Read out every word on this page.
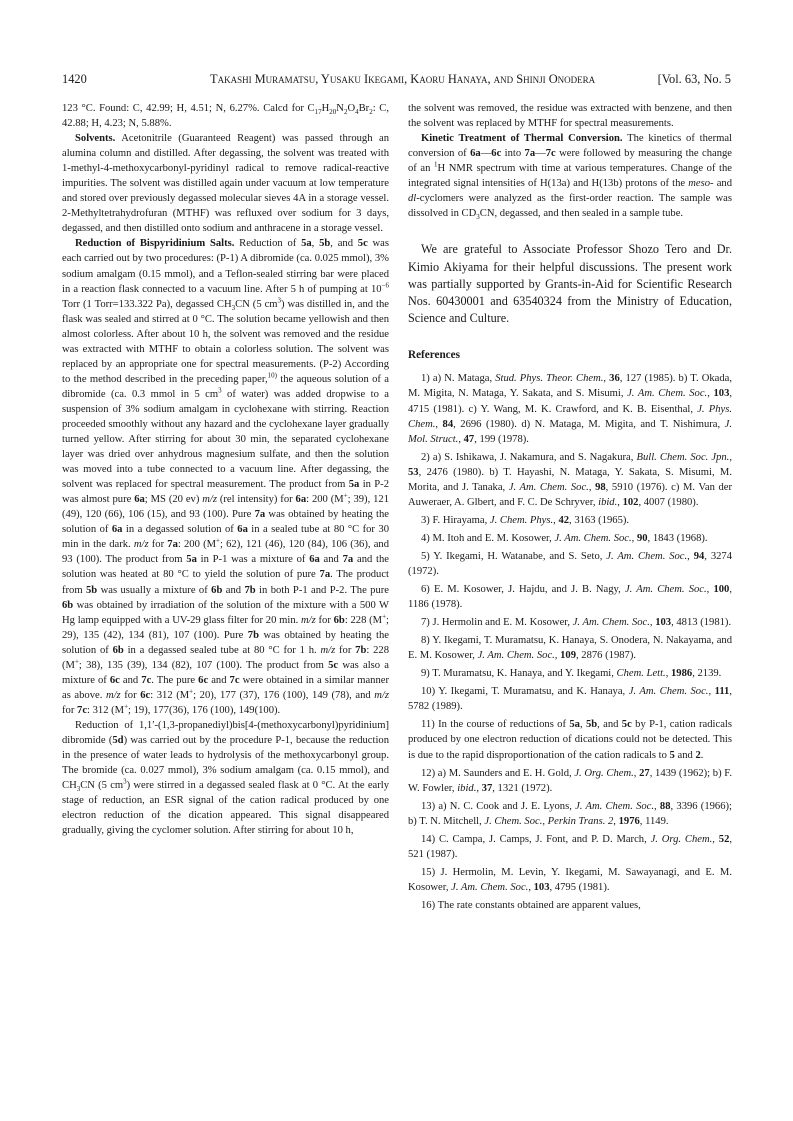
1420	Takashi Muramatsu, Yusaku Ikegami, Kaoru Hanaya, and Shinji Onodera	[Vol. 63, No. 5

123 °C. Found: C, 42.99; H, 4.51; N, 6.27%. Calcd for $C_{17}H_{20}N_2O_4Br_2$: C, 42.88; H, 4.23; N, 5.88%.

Solvents. Acetonitrile (Guaranteed Reagent) was passed through an alumina column and distilled. After degassing, the solvent was treated with 1-methyl-4-methoxycarbonyl-pyridinyl radical to remove radical-reactive impurities. The solvent was distilled again under vacuum at low temperature and stored over previously degassed molecular sieves 4A in a storage vessel. 2-Methyltetrahydrofuran (MTHF) was refluxed over sodium for 3 days, degassed, and then distilled onto sodium and anthracene in a storage vessel.

Reduction of Bispyridinium Salts. Reduction of 5a, 5b, and 5c was each carried out by two procedures: (P-1) A dibromide (ca. 0.025 mmol), 3% sodium amalgam (0.15 mmol), and a Teflon-sealed stirring bar were placed in a reaction flask connected to a vacuum line. After 5 h of pumping at $10^{-6}$ Torr (1 Torr=133.322 Pa), degassed $CH_3CN$ (5 $cm^3$) was distilled in, and the flask was sealed and stirred at 0 °C. The solution became yellowish and then almost colorless. After about 10 h, the solvent was removed and the residue was extracted with MTHF to obtain a colorless solution. The solvent was replaced by an appropriate one for spectral measurements. (P-2) According to the method described in the preceding paper,$^{10)}$ the aqueous solution of a dibromide (ca. 0.3 mmol in 5 $cm^3$ of water) was added dropwise to a suspension of 3% sodium amalgam in cyclohexane with stirring. Reaction proceeded smoothly without any hazard and the cyclohexane layer gradually turned yellow. After stirring for about 30 min, the separated cyclohexane layer was dried over anhydrous magnesium sulfate, and then the solution was moved into a tube connected to a vacuum line. After degassing, the solvent was replaced for spectral measurement. The product from 5a in P-2 was almost pure 6a; MS (20 ev) m/z (rel intensity) for 6a: 200 (M+; 39), 121 (49), 120 (66), 106 (15), and 93 (100). Pure 7a was obtained by heating the solution of 6a in a degassed solution of 6a in a sealed tube at 80 °C for 30 min in the dark. m/z for 7a: 200 (M+; 62), 121 (46), 120 (84), 106 (36), and 93 (100). The product from 5a in P-1 was a mixture of 6a and 7a and the solution was heated at 80 °C to yield the solution of pure 7a. The product from 5b was usually a mixture of 6b and 7b in both P-1 and P-2. The pure 6b was obtained by irradiation of the solution of the mixture with a 500 W Hg lamp equipped with a UV-29 glass filter for 20 min. m/z for 6b: 228 (M+; 29), 135 (42), 134 (81), 107 (100). Pure 7b was obtained by heating the solution of 6b in a degassed sealed tube at 80 °C for 1 h. m/z for 7b: 228 (M+; 38), 135 (39), 134 (82), 107 (100). The product from 5c was also a mixture of 6c and 7c. The pure 6c and 7c were obtained in a similar manner as above. m/z for 6c: 312 (M+; 20), 177 (37), 176 (100), 149 (78), and m/z for 7c: 312 (M+; 19), 177(36), 176 (100), 149(100).

Reduction of 1,1′-(1,3-propanediyl)bis[4-(methoxycarbonyl)pyridinium] dibromide (5d) was carried out by the procedure P-1, because the reduction in the presence of water leads to hydrolysis of the methoxycarbonyl group. The bromide (ca. 0.027 mmol), 3% sodium amalgam (ca. 0.15 mmol), and $CH_3CN$ (5 $cm^3$) were stirred in a degassed sealed flask at 0 °C. At the early stage of reduction, an ESR signal of the cation radical produced by one electron reduction of the dication appeared. This signal disappeared gradually, giving the cyclomer solution. After stirring for about 10 h,

the solvent was removed, the residue was extracted with benzene, and then the solvent was replaced by MTHF for spectral measurements.

Kinetic Treatment of Thermal Conversion. The kinetics of thermal conversion of 6a—6c into 7a—7c were followed by measuring the change of an $^1$H NMR spectrum with time at various temperatures. Change of the integrated signal intensities of H(13a) and H(13b) protons of the meso- and dl-cyclomers were analyzed as the first-order reaction. The sample was dissolved in $CD_3CN$, degassed, and then sealed in a sample tube.

We are grateful to Associate Professor Shozo Tero and Dr. Kimio Akiyama for their helpful discussions. The present work was partially supported by Grants-in-Aid for Scientific Research Nos. 60430001 and 63540324 from the Ministry of Education, Science and Culture.

References

1) a) N. Mataga, Stud. Phys. Theor. Chem., 36, 127 (1985). b) T. Okada, M. Migita, N. Mataga, Y. Sakata, and S. Misumi, J. Am. Chem. Soc., 103, 4715 (1981). c) Y. Wang, M. K. Crawford, and K. B. Eisenthal, J. Phys. Chem., 84, 2696 (1980). d) N. Mataga, M. Migita, and T. Nishimura, J. Mol. Struct., 47, 199 (1978).

2) a) S. Ishikawa, J. Nakamura, and S. Nagakura, Bull. Chem. Soc. Jpn., 53, 2476 (1980). b) T. Hayashi, N. Mataga, Y. Sakata, S. Misumi, M. Morita, and J. Tanaka, J. Am. Chem. Soc., 98, 5910 (1976). c) M. Van der Auweraer, A. Glbert, and F. C. De Schryver, ibid., 102, 4007 (1980).

3) F. Hirayama, J. Chem. Phys., 42, 3163 (1965).

4) M. Itoh and E. M. Kosower, J. Am. Chem. Soc., 90, 1843 (1968).

5) Y. Ikegami, H. Watanabe, and S. Seto, J. Am. Chem. Soc., 94, 3274 (1972).

6) E. M. Kosower, J. Hajdu, and J. B. Nagy, J. Am. Chem. Soc., 100, 1186 (1978).

7) J. Hermolin and E. M. Kosower, J. Am. Chem. Soc., 103, 4813 (1981).

8) Y. Ikegami, T. Muramatsu, K. Hanaya, S. Onodera, N. Nakayama, and E. M. Kosower, J. Am. Chem. Soc., 109, 2876 (1987).

9) T. Muramatsu, K. Hanaya, and Y. Ikegami, Chem. Lett., 1986, 2139.

10) Y. Ikegami, T. Muramatsu, and K. Hanaya, J. Am. Chem. Soc., 111, 5782 (1989).

11) In the course of reductions of 5a, 5b, and 5c by P-1, cation radicals produced by one electron reduction of dications could not be detected. This is due to the rapid disproportionation of the cation radicals to 5 and 2.

12) a) M. Saunders and E. H. Gold, J. Org. Chem., 27, 1439 (1962); b) F. W. Fowler, ibid., 37, 1321 (1972).

13) a) N. C. Cook and J. E. Lyons, J. Am. Chem. Soc., 88, 3396 (1966); b) T. N. Mitchell, J. Chem. Soc., Perkin Trans. 2, 1976, 1149.

14) C. Campa, J. Camps, J. Font, and P. D. March, J. Org. Chem., 52, 521 (1987).

15) J. Hermolin, M. Levin, Y. Ikegami, M. Sawayanagi, and E. M. Kosower, J. Am. Chem. Soc., 103, 4795 (1981).

16) The rate constants obtained are apparent values,
